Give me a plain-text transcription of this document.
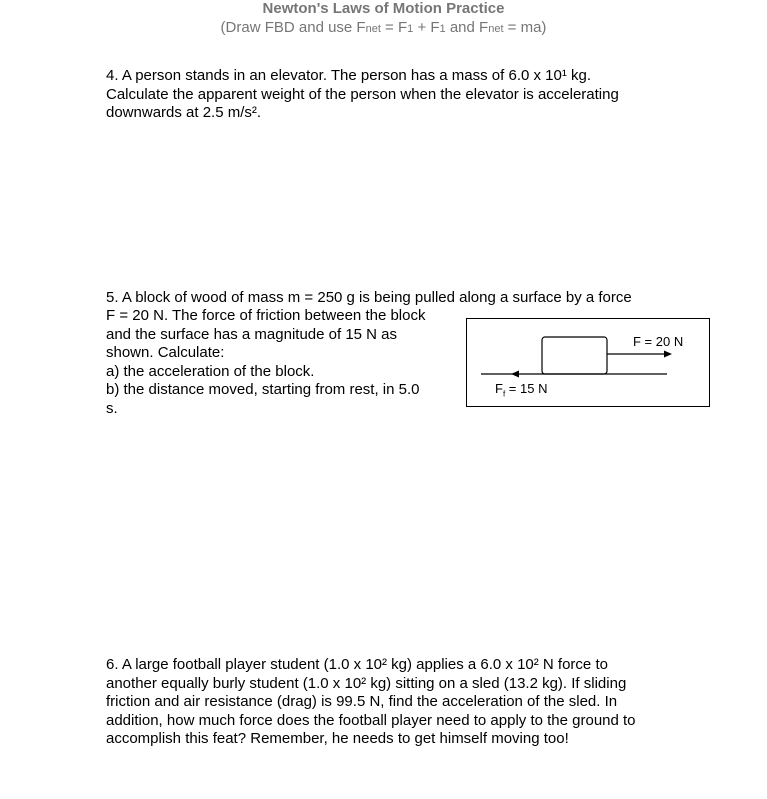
Newton's Laws of Motion Practice
(Draw FBD and use Fnet = F1 + F1 and Fnet = ma)
4. A person stands in an elevator. The person has a mass of 6.0 x 10¹ kg.
Calculate the apparent weight of the person when the elevator is accelerating
downwards at 2.5 m/s².
5. A block of wood of mass m = 250 g is being pulled along a surface by a force
F = 20 N. The force of friction between the block
and the surface has a magnitude of 15 N as
shown. Calculate:
a) the acceleration of the block.
b) the distance moved, starting from rest, in 5.0
s.
F = 20 N
$F_f = 15$ N
6. A large football player student (1.0 x 10² kg) applies a 6.0 x 10² N force to
another equally burly student (1.0 x 10² kg) sitting on a sled (13.2 kg). If sliding
friction and air resistance (drag) is 99.5 N, find the acceleration of the sled. In
addition, how much force does the football player need to apply to the ground to
accomplish this feat? Remember, he needs to get himself moving too!
